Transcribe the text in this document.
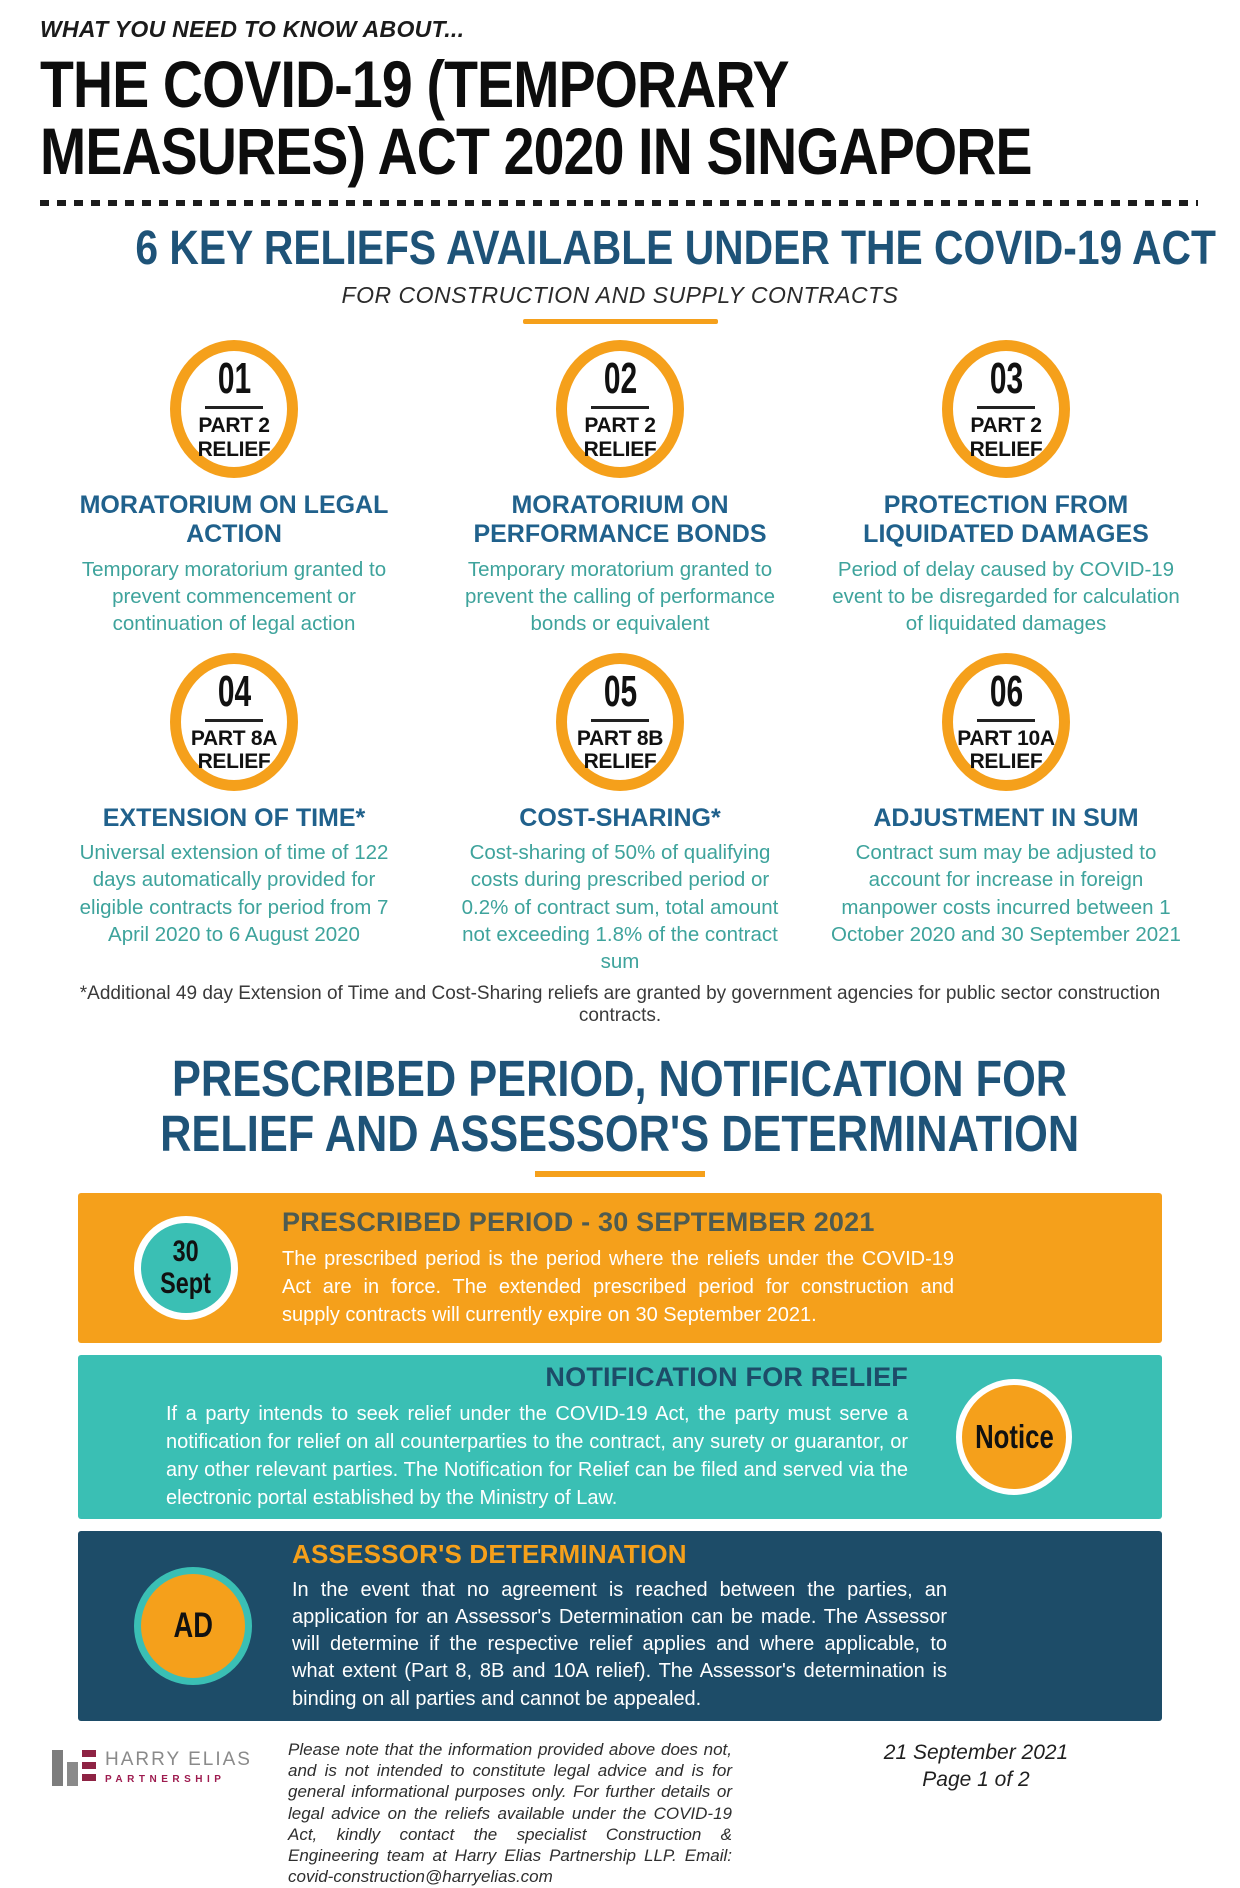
WHAT YOU NEED TO KNOW ABOUT...
THE COVID-19 (TEMPORARY
MEASURES) ACT 2020 IN SINGAPORE
6 KEY RELIEFS AVAILABLE UNDER THE COVID-19 ACT
FOR CONSTRUCTION AND SUPPLY CONTRACTS
01
PART 2
RELIEF
MORATORIUM ON LEGAL ACTION
Temporary moratorium granted to prevent commencement or continuation of legal action
02
PART 2
RELIEF
MORATORIUM ON PERFORMANCE BONDS
Temporary moratorium granted to prevent the calling of performance bonds or equivalent
03
PART 2
RELIEF
PROTECTION FROM LIQUIDATED DAMAGES
Period of delay caused by COVID-19 event to be disregarded for calculation of liquidated damages
04
PART 8A
RELIEF
EXTENSION OF TIME*
Universal extension of time of 122 days automatically provided for eligible contracts for period from 7 April 2020 to 6 August 2020
05
PART 8B
RELIEF
COST-SHARING*
Cost-sharing of 50% of qualifying costs during prescribed period or 0.2% of contract sum, total amount not exceeding 1.8% of the contract sum
06
PART 10A
RELIEF
ADJUSTMENT IN SUM
Contract sum may be adjusted to account for increase in foreign manpower costs incurred between 1 October 2020 and 30 September 2021
*Additional 49 day Extension of Time and Cost-Sharing reliefs are granted by government agencies for public sector construction contracts.
PRESCRIBED PERIOD, NOTIFICATION FOR
RELIEF AND ASSESSOR'S DETERMINATION
30
Sept
PRESCRIBED PERIOD - 30 SEPTEMBER 2021
The prescribed period is the period where the reliefs under the COVID-19 Act are in force. The extended prescribed period for construction and supply contracts will currently expire on 30 September 2021.
NOTIFICATION FOR RELIEF
If a party intends to seek relief under the COVID-19 Act, the party must serve a notification for relief on all counterparties to the contract, any surety or guarantor, or any other relevant parties. The Notification for Relief can be filed and served via the electronic portal established by the Ministry of Law.
Notice
AD
ASSESSOR'S DETERMINATION
In the event that no agreement is reached between the parties, an application for an Assessor's Determination can be made. The Assessor will determine if the respective relief applies and where applicable, to what extent (Part 8, 8B and 10A relief). The Assessor's determination is binding on all parties and cannot be appealed.
HARRY ELIAS
PARTNERSHIP
Please note that the information provided above does not, and is not intended to constitute legal advice and is for general informational purposes only. For further details or legal advice on the reliefs available under the COVID-19 Act, kindly contact the specialist Construction & Engineering team at Harry Elias Partnership LLP. Email: covid-construction@harryelias.com
21 September 2021
Page 1 of 2
